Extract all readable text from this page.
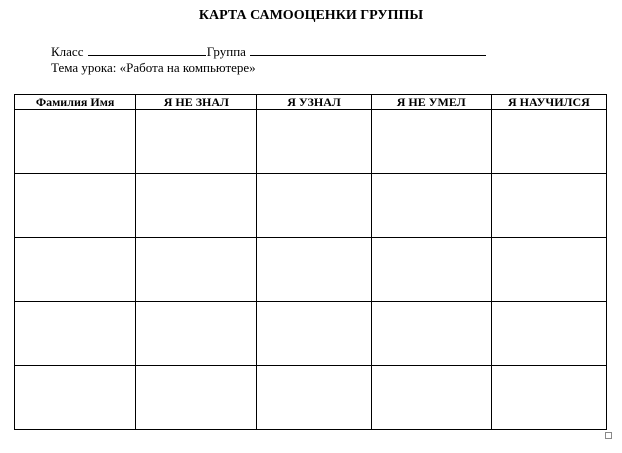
КАРТА САМООЦЕНКИ ГРУППЫ
Класс	Группа
Тема урока: «Работа на компьютере»
Фамилия Имя	Я НЕ ЗНАЛ	Я УЗНАЛ	Я НЕ УМЕЛ	Я НАУЧИЛСЯ
